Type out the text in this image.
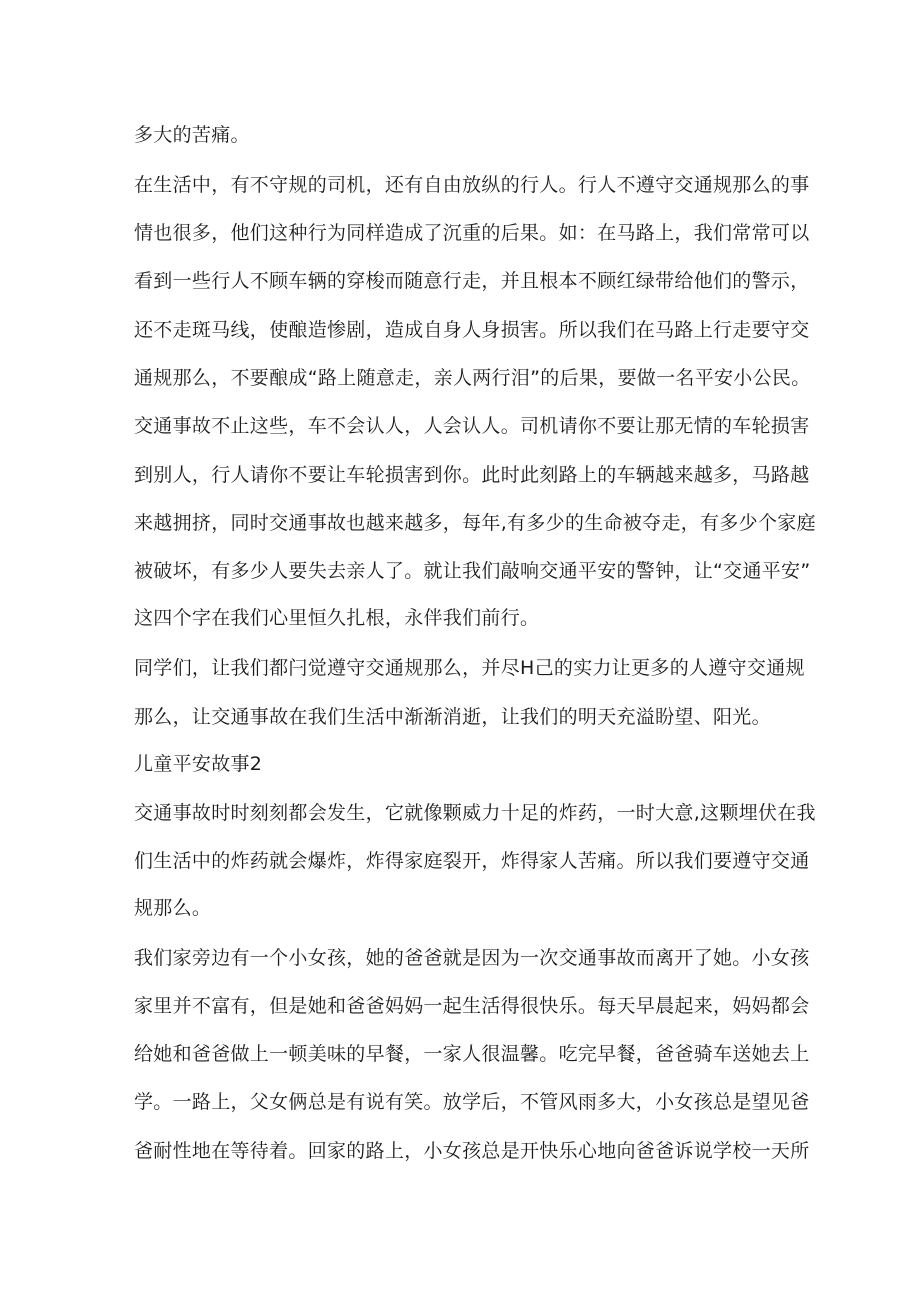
多大的苦痛。
在生活中，有不守规的司机，还有自由放纵的行人。行人不遵守交通规那么的事
情也很多，他们这种行为同样造成了沉重的后果。如：在马路上，我们常常可以
看到一些行人不顾车辆的穿梭而随意行走，并且根本不顾红绿带给他们的警示，
还不走斑马线，使酿造惨剧，造成自身人身损害。所以我们在马路上行走要守交
通规那么，不要酿成“路上随意走，亲人两行泪”的后果，要做一名平安小公民。
交通事故不止这些，车不会认人，人会认人。司机请你不要让那无情的车轮损害
到别人，行人请你不要让车轮损害到你。此时此刻路上的车辆越来越多，马路越
来越拥挤，同时交通事故也越来越多，每年,有多少的生命被夺走，有多少个家庭
被破坏，有多少人要失去亲人了。就让我们敲响交通平安的警钟，让“交通平安”
这四个字在我们心里恒久扎根，永伴我们前行。
同学们，让我们都闩觉遵守交通规那么，并尽H己的实力让更多的人遵守交通规
那么，让交通事故在我们生活中渐渐消逝，让我们的明天充溢盼望、阳光。
儿童平安故事2
交通事故时时刻刻都会发生，它就像颗威力十足的炸药，一时大意,这颗埋伏在我
们生活中的炸药就会爆炸，炸得家庭裂开，炸得家人苦痛。所以我们要遵守交通
规那么。
我们家旁边有一个小女孩，她的爸爸就是因为一次交通事故而离开了她。小女孩
家里并不富有，但是她和爸爸妈妈一起生活得很快乐。每天早晨起来，妈妈都会
给她和爸爸做上一顿美味的早餐，一家人很温馨。吃完早餐，爸爸骑车送她去上
学。一路上，父女俩总是有说有笑。放学后，不管风雨多大，小女孩总是望见爸
爸耐性地在等待着。回家的路上，小女孩总是开快乐心地向爸爸诉说学校一天所
